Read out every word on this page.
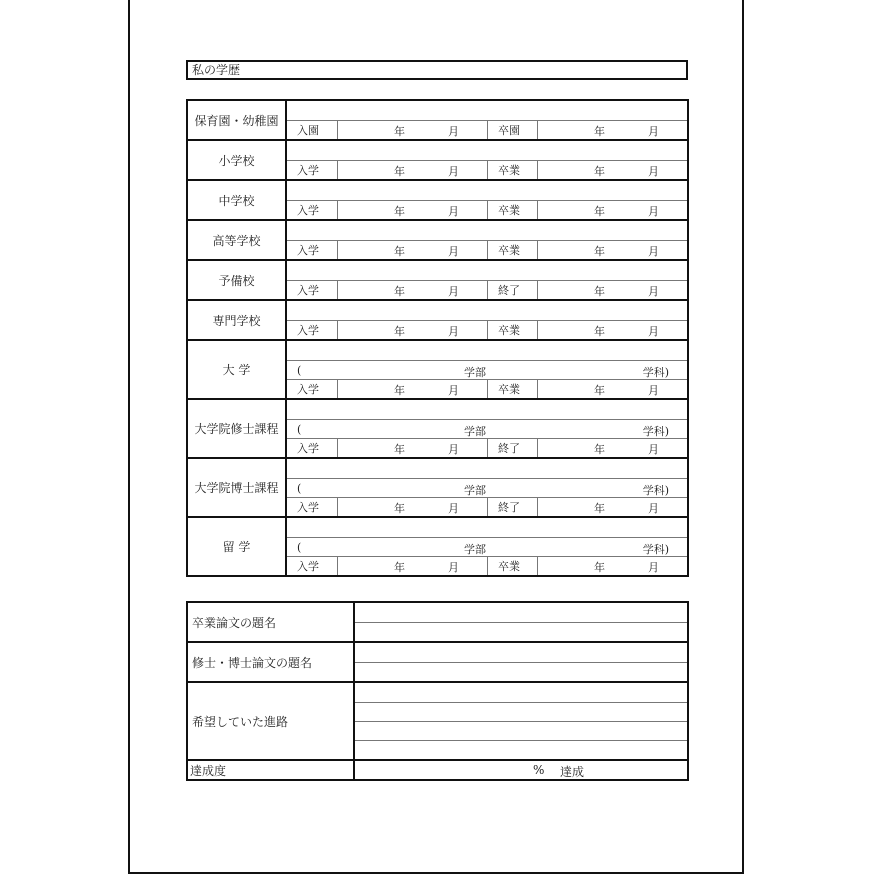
私の学歴
保育園・幼稚園
入園	年	月	卒園	年	月
小学校
入学	年	月	卒業	年	月
中学校
入学	年	月	卒業	年	月
高等学校
入学	年	月	卒業	年	月
予備校
入学	年	月	終了	年	月
専門学校
入学	年	月	卒業	年	月
大 学	(	学部	学科)
入学	年	月	卒業	年	月
大学院修士課程	(	学部	学科)
入学	年	月	終了	年	月
大学院博士課程	(	学部	学科)
入学	年	月	終了	年	月
留 学	(	学部	学科)
入学	年	月	卒業	年	月
卒業論文の題名
修士・博士論文の題名
希望していた進路
達成度	% 達成
